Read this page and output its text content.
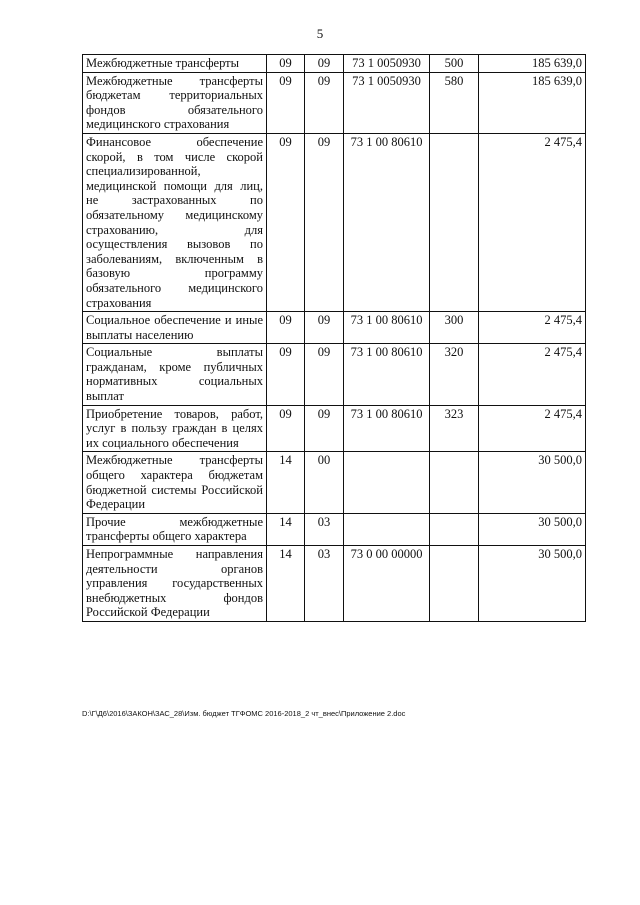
5
Межбюджетные трансферты	09	09	73 1 0050930	500	185 639,0
Межбюджетные трансферты бюджетам территориальных фондов обязательного медицинского страхования	09	09	73 1 0050930	580	185 639,0
Финансовое обеспечение скорой, в том числе скорой специализированной, медицинской помощи для лиц, не застрахованных по обязательному медицинскому страхованию, для осуществления вызовов по заболеваниям, включенным в базовую программу обязательного медицинского страхования	09	09	73 1 00 80610		2 475,4
Социальное обеспечение и иные выплаты населению	09	09	73 1 00 80610	300	2 475,4
Социальные выплаты гражданам, кроме публичных нормативных социальных выплат	09	09	73 1 00 80610	320	2 475,4
Приобретение товаров, работ, услуг в пользу граждан в целях их социального обеспечения	09	09	73 1 00 80610	323	2 475,4
Межбюджетные трансферты общего характера бюджетам бюджетной системы Российской Федерации	14	00			30 500,0
Прочие межбюджетные трансферты общего характера	14	03			30 500,0
Непрограммные направления деятельности органов управления государственных внебюджетных фондов Российской Федерации	14	03	73 0 00 00000		30 500,0
D:\Г\Д6\2016\ЗАКОН\ЗАС_28\Изм. бюджет ТГФОМС 2016-2018_2 чт_внес\Приложение 2.doc
